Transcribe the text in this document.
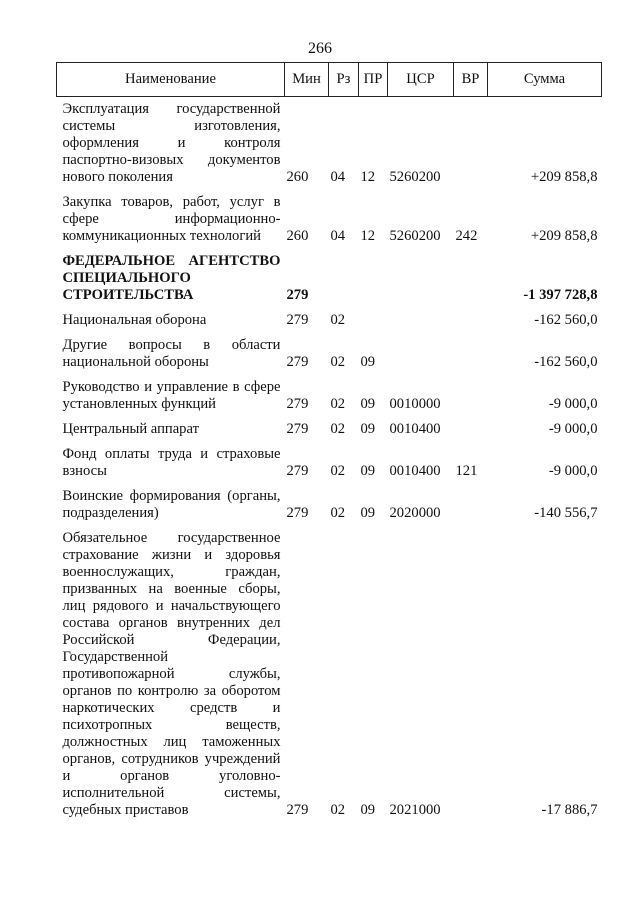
266
Наименование	Мин	Рз	ПР	ЦСР	ВР	Сумма
Эксплуатация государственной системы изготовления, оформления и контроля паспортно-визовых документов нового поколения	260	04	12	5260200		+209 858,8
Закупка товаров, работ, услуг в сфере информационно-коммуникационных технологий	260	04	12	5260200	242	+209 858,8
ФЕДЕРАЛЬНОЕ АГЕНТСТВО СПЕЦИАЛЬНОГО СТРОИТЕЛЬСТВА	279					-1 397 728,8
Национальная оборона	279	02				-162 560,0
Другие вопросы в области национальной обороны	279	02	09			-162 560,0
Руководство и управление в сфере установленных функций	279	02	09	0010000		-9 000,0
Центральный аппарат	279	02	09	0010400		-9 000,0
Фонд оплаты труда и страховые взносы	279	02	09	0010400	121	-9 000,0
Воинские формирования (органы, подразделения)	279	02	09	2020000		-140 556,7
Обязательное государственное страхование жизни и здоровья военнослужащих, граждан, призванных на военные сборы, лиц рядового и начальствующего состава органов внутренних дел Российской Федерации, Государственной противопожарной службы, органов по контролю за оборотом наркотических средств и психотропных веществ, должностных лиц таможенных органов, сотрудников учреждений и органов уголовно-исполнительной системы, судебных приставов	279	02	09	2021000		-17 886,7
